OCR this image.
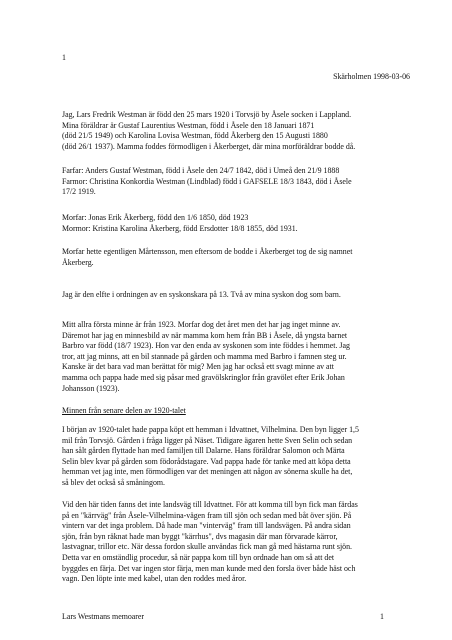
1

Skärholmen 1998-03-06

Jag, Lars Fredrik Westman är född den 25 mars 1920 i Torvsjö by Åsele socken i Lappland.
Mina föräldrar är Gustaf Laurentius Westman, född i Åsele den 18 Januari 1871
(död 21/5 1949) och Karolina Lovisa Westman, född Åkerberg den 15 Augusti 1880
(död 26/1 1937). Mamma foddes förmodligen i Åkerberget, där mina morföräldrar bodde då.
Farfar: Anders Gustaf Westman, född i Åsele den 24/7 1842, död i Umeå den 21/9 1888
Farmor: Christina Konkordia Westman (Lindblad) född i GAFSELE 18/3 1843, död i Åsele
17/2 1919.
Morfar: Jonas Erik Åkerberg, född den 1/6 1850, död 1923
Mormor: Kristina Karolina Åkerberg, född Ersdotter 18/8 1855, död 1931.
Morfar hette egentligen Mårtensson, men eftersom de bodde i Åkerberget tog de sig namnet
Åkerberg.
Jag är den elfte i ordningen av en syskonskara på 13. Två av mina syskon dog som barn.
Mitt allra första minne är från 1923. Morfar dog det året men det har jag inget minne av.
Däremot har jag en minnesbild av när mamma kom hem från BB i Åsele, då yngsta barnet
Barbro var född (18/7 1923). Hon var den enda av syskonen som inte föddes i hemmet. Jag
tror, att jag minns, att en bil stannade på gården och mamma med Barbro i famnen steg ur.
Kanske är det bara vad man berättat för mig? Men jag har också ett svagt minne av att
mamma och pappa hade med sig påsar med gravölskringlor från gravölet efter Erik Johan
Johansson (1923).

Minnen från senare delen av 1920-talet

I början av 1920-talet hade pappa köpt ett hemman i Idvattnet, Vilhelmina. Den byn ligger 1,5
mil från Torvsjö. Gården i fråga ligger på Näset. Tidigare ägaren hette Sven Selin och sedan
han sålt gården flyttade han med familjen till Dalarne. Hans föräldrar Salomon och Märta
Selin blev kvar på gården som födorådstagare. Vad pappa hade för tanke med att köpa detta
hemman vet jag inte, men förmodligen var det meningen att någon av sönerna skulle ha det,
så blev det också så småningom.
Vid den här tiden fanns det inte landsväg till Idvattnet. För att komma till byn fick man färdas
på en "kärrväg" från Åsele-Vilhelmina-vägen fram till sjön och sedan med båt över sjön. På
vintern var det inga problem. Då hade man "vinterväg" fram till landsvägen. På andra sidan
sjön, från byn räknat hade man byggt "kärrhus", dvs magasin där man förvarade kärror,
lastvagnar, trillor etc. När dessa fordon skulle användas fick man gå med hästarna runt sjön.
Detta var en omständlig procedur, så när pappa kom till byn ordnade han om så att det
byggdes en färja. Det var ingen stor färja, men man kunde med den forsla över både häst och
vagn. Den löpte inte med kabel, utan den roddes med åror.
Lars Westmans memoarer	1
